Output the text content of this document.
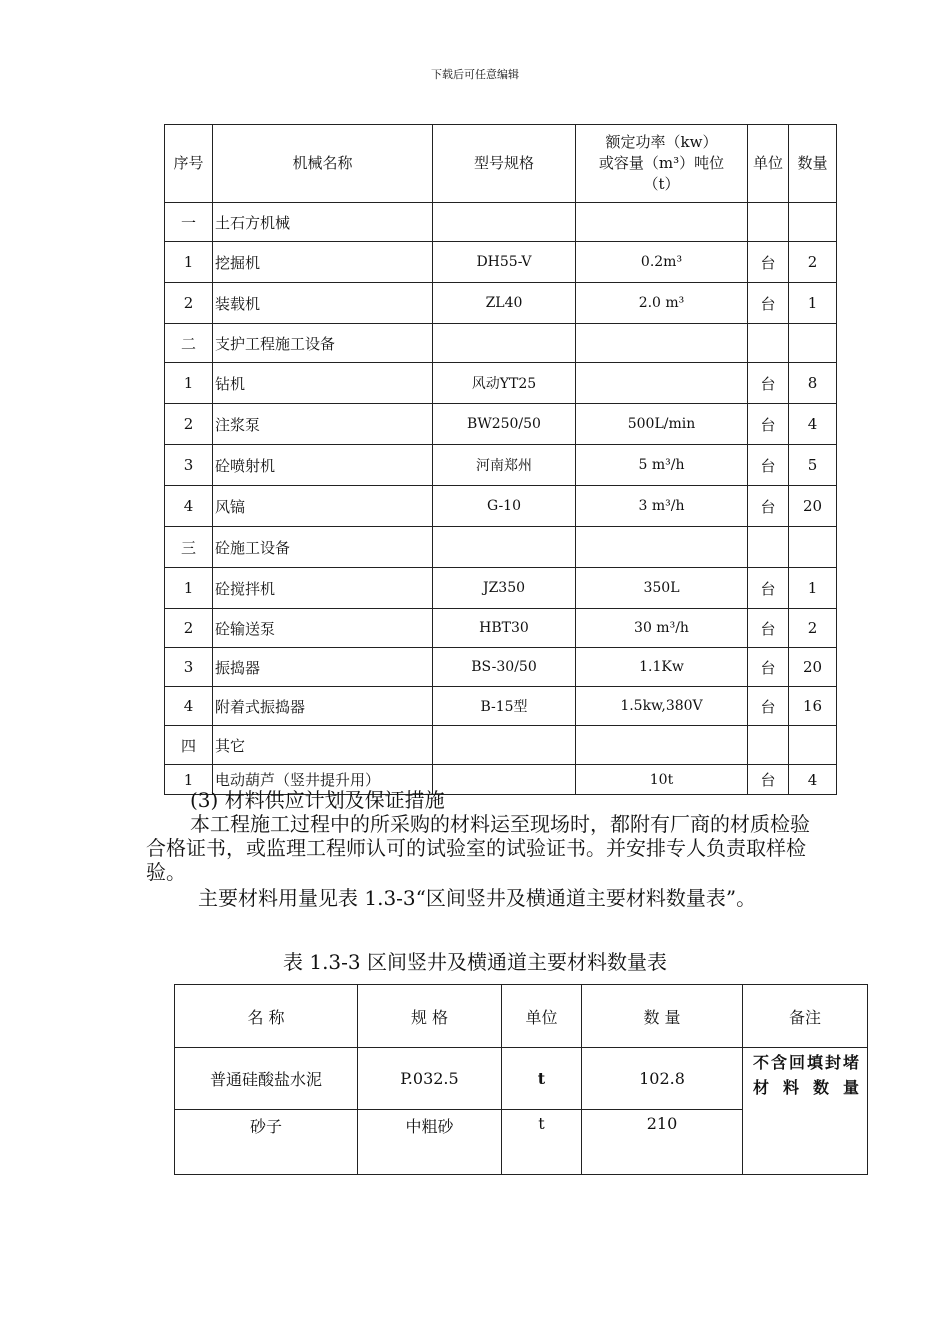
下载后可任意编辑
序号	机械名称	型号规格	额定功率（kw）
或容量（m³）吨位
（t）	单位	数量
一	土石方机械				
1	挖掘机	DH55-V	0.2m³	台	2
2	装载机	ZL40	2.0 m³	台	1
二	支护工程施工设备				
1	钻机	风动YT25		台	8
2	注浆泵	BW250/50	500L/min	台	4
3	砼喷射机	河南郑州	5 m³/h	台	5
4	风镐	G-10	3 m³/h	台	20
三	砼施工设备				
1	砼搅拌机	JZ350	350L	台	1
2	砼输送泵	HBT30	30 m³/h	台	2
3	振捣器	BS-30/50	1.1Kw	台	20
4	附着式振捣器	B-15型	1.5kw,380V	台	16
四	其它				
1	电动葫芦（竖井提升用）		10t	台	4
(3) 材料供应计划及保证措施
本工程施工过程中的所采购的材料运至现场时，都附有厂商的材质检验合格证书，或监理工程师认可的试验室的试验证书。并安排专人负责取样检验。
主要材料用量见表 1.3-3“区间竖井及横通道主要材料数量表”。
表 1.3-3 区间竖井及横通道主要材料数量表
名 称	规 格	单位	数 量	备注
普通硅酸盐水泥	P.032.5	t	102.8	不含回填封堵材料数量
砂子	中粗砂	t	210	
